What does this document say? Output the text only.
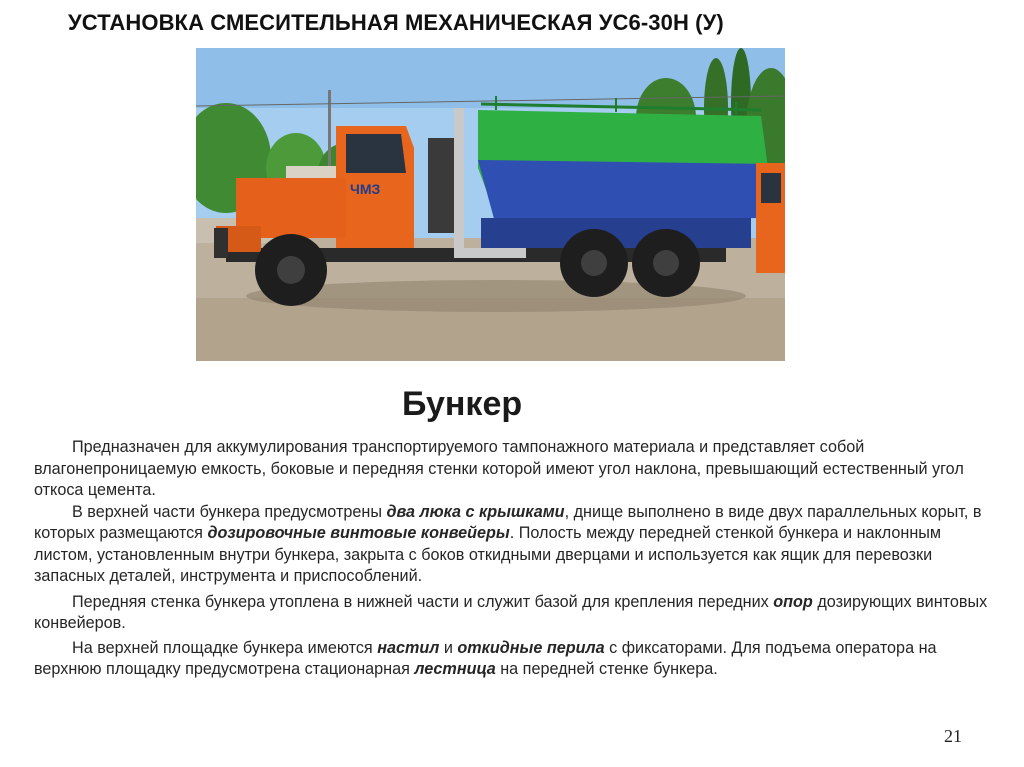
УСТАНОВКА СМЕСИТЕЛЬНАЯ МЕХАНИЧЕСКАЯ УС6-30Н (У)
ЧМЗ
Бункер

Предназначен для аккумулирования транспортируемого тампонажного материала и представляет собой влагонепроницаемую емкость, боковые и передняя стенки которой имеют угол наклона, превышающий естественный угол откоса цемента.

В верхней части бункера предусмотрены два люка с крышками, днище выполнено в виде двух параллельных корыт, в которых размещаются дозировочные винтовые конвейеры. Полость между передней стенкой бункера и наклонным листом, установленным внутри бункера, закрыта с боков откидными дверцами и используется как ящик для перевозки запасных деталей, инструмента и приспособлений.

Передняя стенка бункера утоплена в нижней части и служит базой для крепления передних опор дозирующих винтовых конвейеров.

На верхней площадке бункера имеются настил и откидные перила с фиксаторами. Для подъема оператора на верхнюю площадку предусмотрена стационарная лестница на передней стенке бункера.

21
